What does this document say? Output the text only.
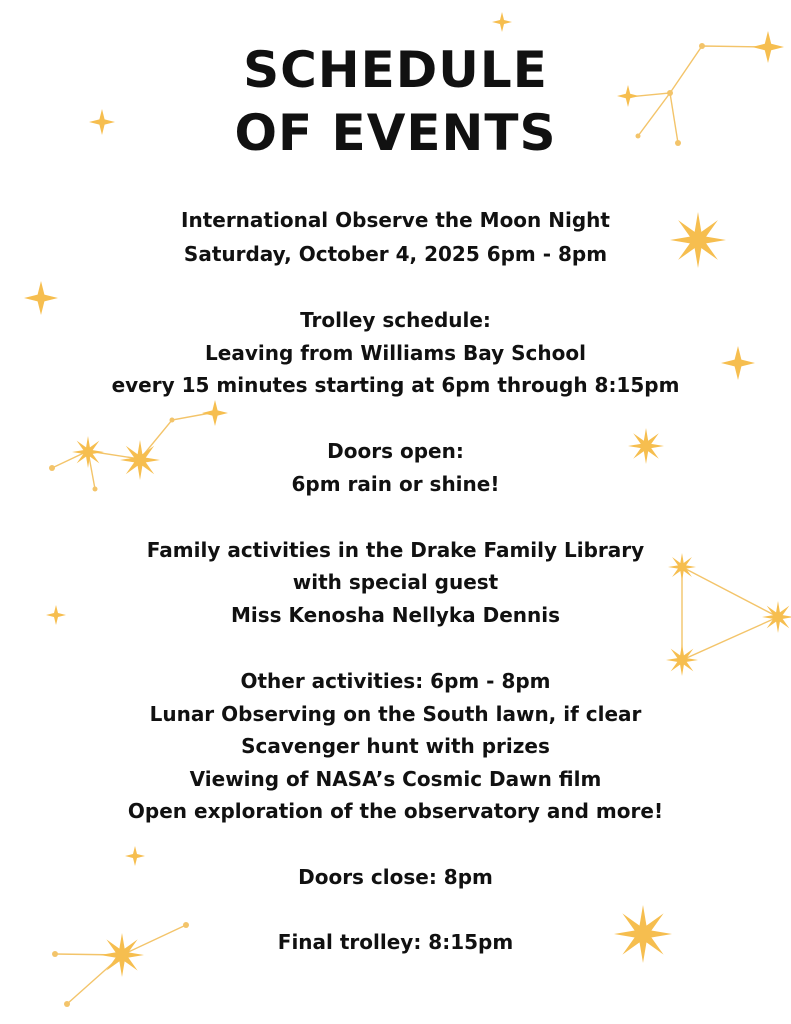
SCHEDULE
OF EVENTS
International Observe the Moon Night
Saturday, October 4, 2025 6pm - 8pm
Trolley schedule:
Leaving from Williams Bay School
every 15 minutes starting at 6pm through 8:15pm
Doors open:
6pm rain or shine!
Family activities in the Drake Family Library
with special guest
Miss Kenosha Nellyka Dennis
Other activities: 6pm - 8pm
Lunar Observing on the South lawn, if clear
Scavenger hunt with prizes
Viewing of NASA’s Cosmic Dawn film
Open exploration of the observatory and more!
Doors close: 8pm
Final trolley: 8:15pm
